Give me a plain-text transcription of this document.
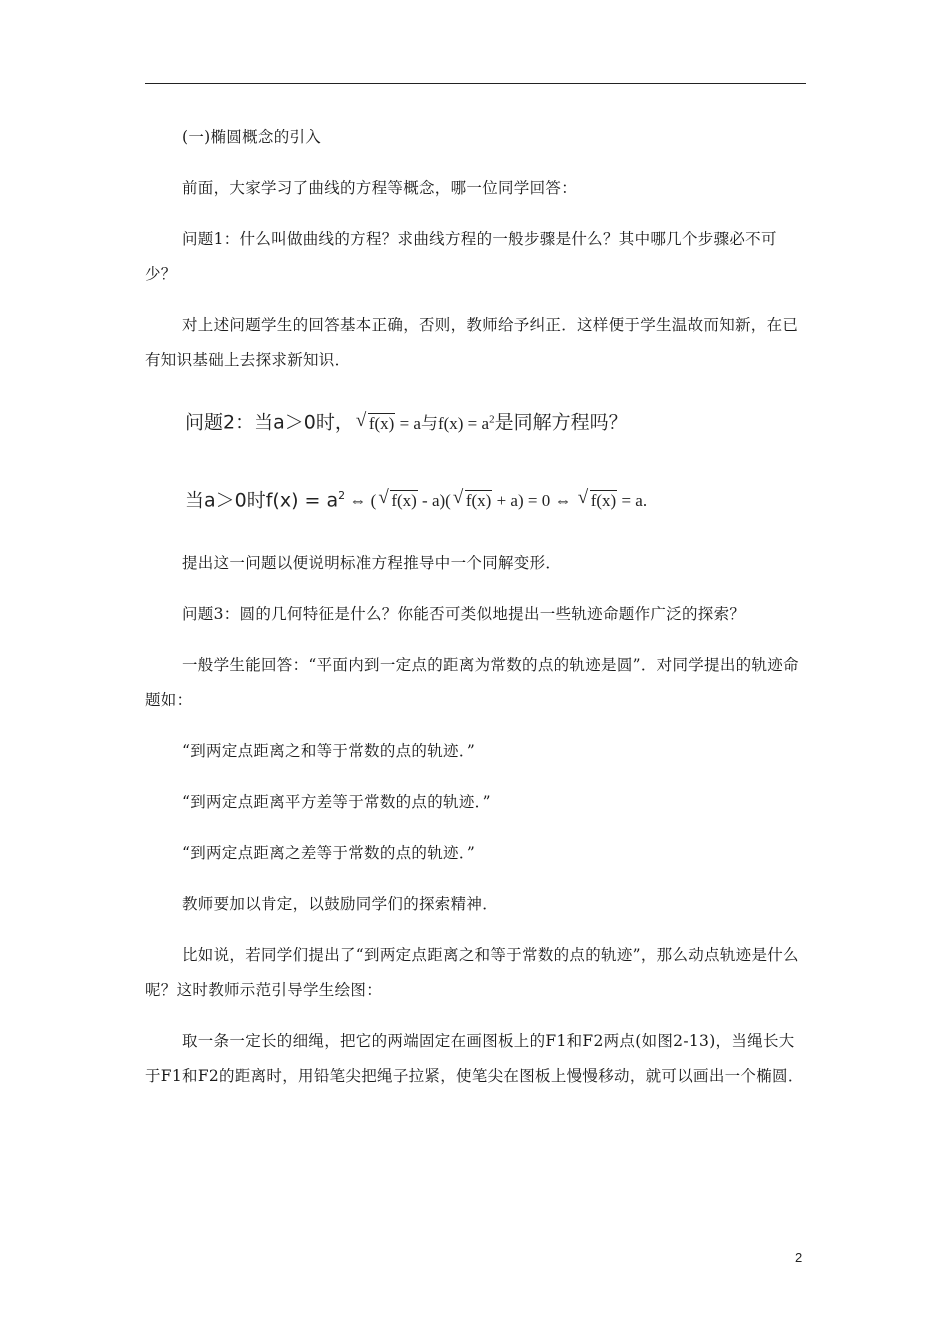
(一)椭圆概念的引入

前面，大家学习了曲线的方程等概念，哪一位同学回答：

问题1：什么叫做曲线的方程？求曲线方程的一般步骤是什么？其中哪几个步骤必不可少？

对上述问题学生的回答基本正确，否则，教师给予纠正．这样便于学生温故而知新，在已有知识基础上去探求新知识．

问题2：当a＞0时， √ f(x) = a与$f(x) = a^2$是同解方程吗？

当a＞0时$f(x) = a^2$ ⇔ ( √ f(x) - a)( √ f(x) + a) = 0 ⇔ √ f(x) = a.

提出这一问题以便说明标准方程推导中一个同解变形．

问题3：圆的几何特征是什么？你能否可类似地提出一些轨迹命题作广泛的探索？

一般学生能回答：“平面内到一定点的距离为常数的点的轨迹是圆”．对同学提出的轨迹命题如：

“到两定点距离之和等于常数的点的轨迹．”

“到两定点距离平方差等于常数的点的轨迹．”

“到两定点距离之差等于常数的点的轨迹．”

教师要加以肯定，以鼓励同学们的探索精神．

比如说，若同学们提出了“到两定点距离之和等于常数的点的轨迹”，那么动点轨迹是什么呢？这时教师示范引导学生绘图：

取一条一定长的细绳，把它的两端固定在画图板上的F1和F2两点(如图2-13)，当绳长大于F1和F2的距离时，用铅笔尖把绳子拉紧，使笔尖在图板上慢慢移动，就可以画出一个椭圆．

2
